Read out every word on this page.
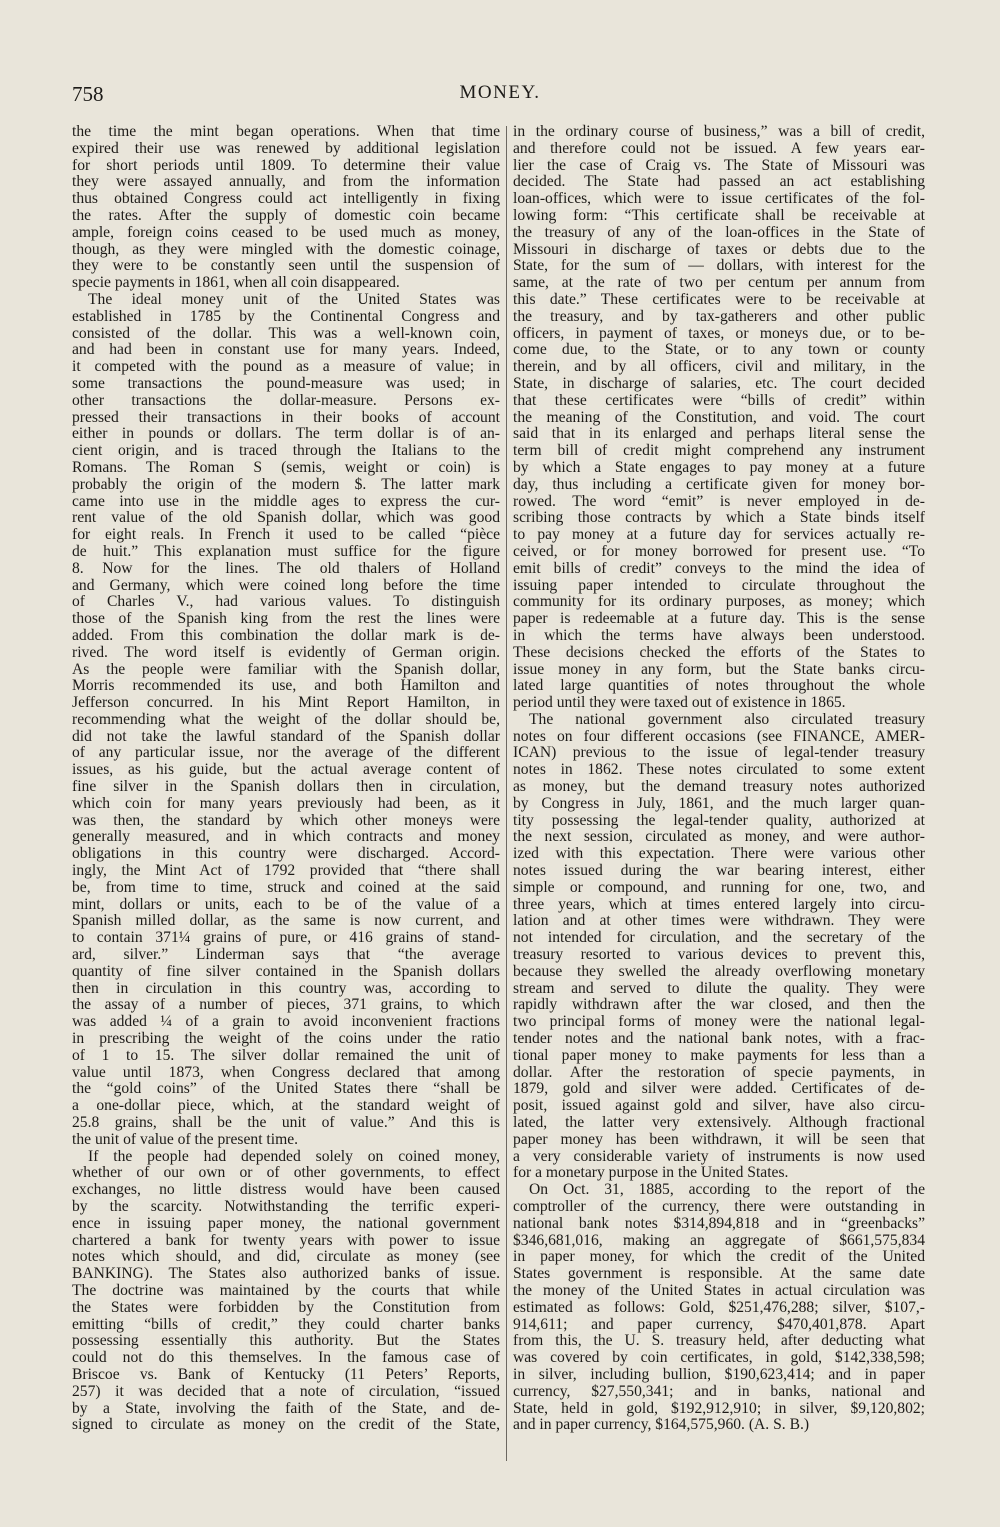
758	MONEY.
the time the mint began operations. When that time
expired their use was renewed by additional legislation
for short periods until 1809. To determine their value
they were assayed annually, and from the information
thus obtained Congress could act intelligently in fixing
the rates. After the supply of domestic coin became
ample, foreign coins ceased to be used much as money,
though, as they were mingled with the domestic coinage,
they were to be constantly seen until the suspension of
specie payments in 1861, when all coin disappeared.
The ideal money unit of the United States was
established in 1785 by the Continental Congress and
consisted of the dollar. This was a well-known coin,
and had been in constant use for many years. Indeed,
it competed with the pound as a measure of value; in
some transactions the pound-measure was used; in
other transactions the dollar-measure. Persons ex-
pressed their transactions in their books of account
either in pounds or dollars. The term dollar is of an-
cient origin, and is traced through the Italians to the
Romans. The Roman S (semis, weight or coin) is
probably the origin of the modern $. The latter mark
came into use in the middle ages to express the cur-
rent value of the old Spanish dollar, which was good
for eight reals. In French it used to be called “pièce
de huit.” This explanation must suffice for the figure
8. Now for the lines. The old thalers of Holland
and Germany, which were coined long before the time
of Charles V., had various values. To distinguish
those of the Spanish king from the rest the lines were
added. From this combination the dollar mark is de-
rived. The word itself is evidently of German origin.
As the people were familiar with the Spanish dollar,
Morris recommended its use, and both Hamilton and
Jefferson concurred. In his Mint Report Hamilton, in
recommending what the weight of the dollar should be,
did not take the lawful standard of the Spanish dollar
of any particular issue, nor the average of the different
issues, as his guide, but the actual average content of
fine silver in the Spanish dollars then in circulation,
which coin for many years previously had been, as it
was then, the standard by which other moneys were
generally measured, and in which contracts and money
obligations in this country were discharged. Accord-
ingly, the Mint Act of 1792 provided that “there shall
be, from time to time, struck and coined at the said
mint, dollars or units, each to be of the value of a
Spanish milled dollar, as the same is now current, and
to contain 371¼ grains of pure, or 416 grains of stand-
ard, silver.” Linderman says that “the average
quantity of fine silver contained in the Spanish dollars
then in circulation in this country was, according to
the assay of a number of pieces, 371 grains, to which
was added ¼ of a grain to avoid inconvenient fractions
in prescribing the weight of the coins under the ratio
of 1 to 15. The silver dollar remained the unit of
value until 1873, when Congress declared that among
the “gold coins” of the United States there “shall be
a one-dollar piece, which, at the standard weight of
25.8 grains, shall be the unit of value.” And this is
the unit of value of the present time.
If the people had depended solely on coined money,
whether of our own or of other governments, to effect
exchanges, no little distress would have been caused
by the scarcity. Notwithstanding the terrific experi-
ence in issuing paper money, the national government
chartered a bank for twenty years with power to issue
notes which should, and did, circulate as money (see
BANKING). The States also authorized banks of issue.
The doctrine was maintained by the courts that while
the States were forbidden by the Constitution from
emitting “bills of credit,” they could charter banks
possessing essentially this authority. But the States
could not do this themselves. In the famous case of
Briscoe vs. Bank of Kentucky (11 Peters’ Reports,
257) it was decided that a note of circulation, “issued
by a State, involving the faith of the State, and de-
signed to circulate as money on the credit of the State,
in the ordinary course of business,” was a bill of credit,
and therefore could not be issued. A few years ear-
lier the case of Craig vs. The State of Missouri was
decided. The State had passed an act establishing
loan-offices, which were to issue certificates of the fol-
lowing form: “This certificate shall be receivable at
the treasury of any of the loan-offices in the State of
Missouri in discharge of taxes or debts due to the
State, for the sum of — dollars, with interest for the
same, at the rate of two per centum per annum from
this date.” These certificates were to be receivable at
the treasury, and by tax-gatherers and other public
officers, in payment of taxes, or moneys due, or to be-
come due, to the State, or to any town or county
therein, and by all officers, civil and military, in the
State, in discharge of salaries, etc. The court decided
that these certificates were “bills of credit” within
the meaning of the Constitution, and void. The court
said that in its enlarged and perhaps literal sense the
term bill of credit might comprehend any instrument
by which a State engages to pay money at a future
day, thus including a certificate given for money bor-
rowed. The word “emit” is never employed in de-
scribing those contracts by which a State binds itself
to pay money at a future day for services actually re-
ceived, or for money borrowed for present use. “To
emit bills of credit” conveys to the mind the idea of
issuing paper intended to circulate throughout the
community for its ordinary purposes, as money; which
paper is redeemable at a future day. This is the sense
in which the terms have always been understood.
These decisions checked the efforts of the States to
issue money in any form, but the State banks circu-
lated large quantities of notes throughout the whole
period until they were taxed out of existence in 1865.
The national government also circulated treasury
notes on four different occasions (see FINANCE, AMER-
ICAN) previous to the issue of legal-tender treasury
notes in 1862. These notes circulated to some extent
as money, but the demand treasury notes authorized
by Congress in July, 1861, and the much larger quan-
tity possessing the legal-tender quality, authorized at
the next session, circulated as money, and were author-
ized with this expectation. There were various other
notes issued during the war bearing interest, either
simple or compound, and running for one, two, and
three years, which at times entered largely into circu-
lation and at other times were withdrawn. They were
not intended for circulation, and the secretary of the
treasury resorted to various devices to prevent this,
because they swelled the already overflowing monetary
stream and served to dilute the quality. They were
rapidly withdrawn after the war closed, and then the
two principal forms of money were the national legal-
tender notes and the national bank notes, with a frac-
tional paper money to make payments for less than a
dollar. After the restoration of specie payments, in
1879, gold and silver were added. Certificates of de-
posit, issued against gold and silver, have also circu-
lated, the latter very extensively. Although fractional
paper money has been withdrawn, it will be seen that
a very considerable variety of instruments is now used
for a monetary purpose in the United States.
On Oct. 31, 1885, according to the report of the
comptroller of the currency, there were outstanding in
national bank notes $314,894,818 and in “greenbacks”
$346,681,016, making an aggregate of $661,575,834
in paper money, for which the credit of the United
States government is responsible. At the same date
the money of the United States in actual circulation was
estimated as follows: Gold, $251,476,288; silver, $107,-
914,611; and paper currency, $470,401,878. Apart
from this, the U. S. treasury held, after deducting what
was covered by coin certificates, in gold, $142,338,598;
in silver, including bullion, $190,623,414; and in paper
currency, $27,550,341; and in banks, national and
State, held in gold, $192,912,910; in silver, $9,120,802;
and in paper currency, $164,575,960. (A. S. B.)
